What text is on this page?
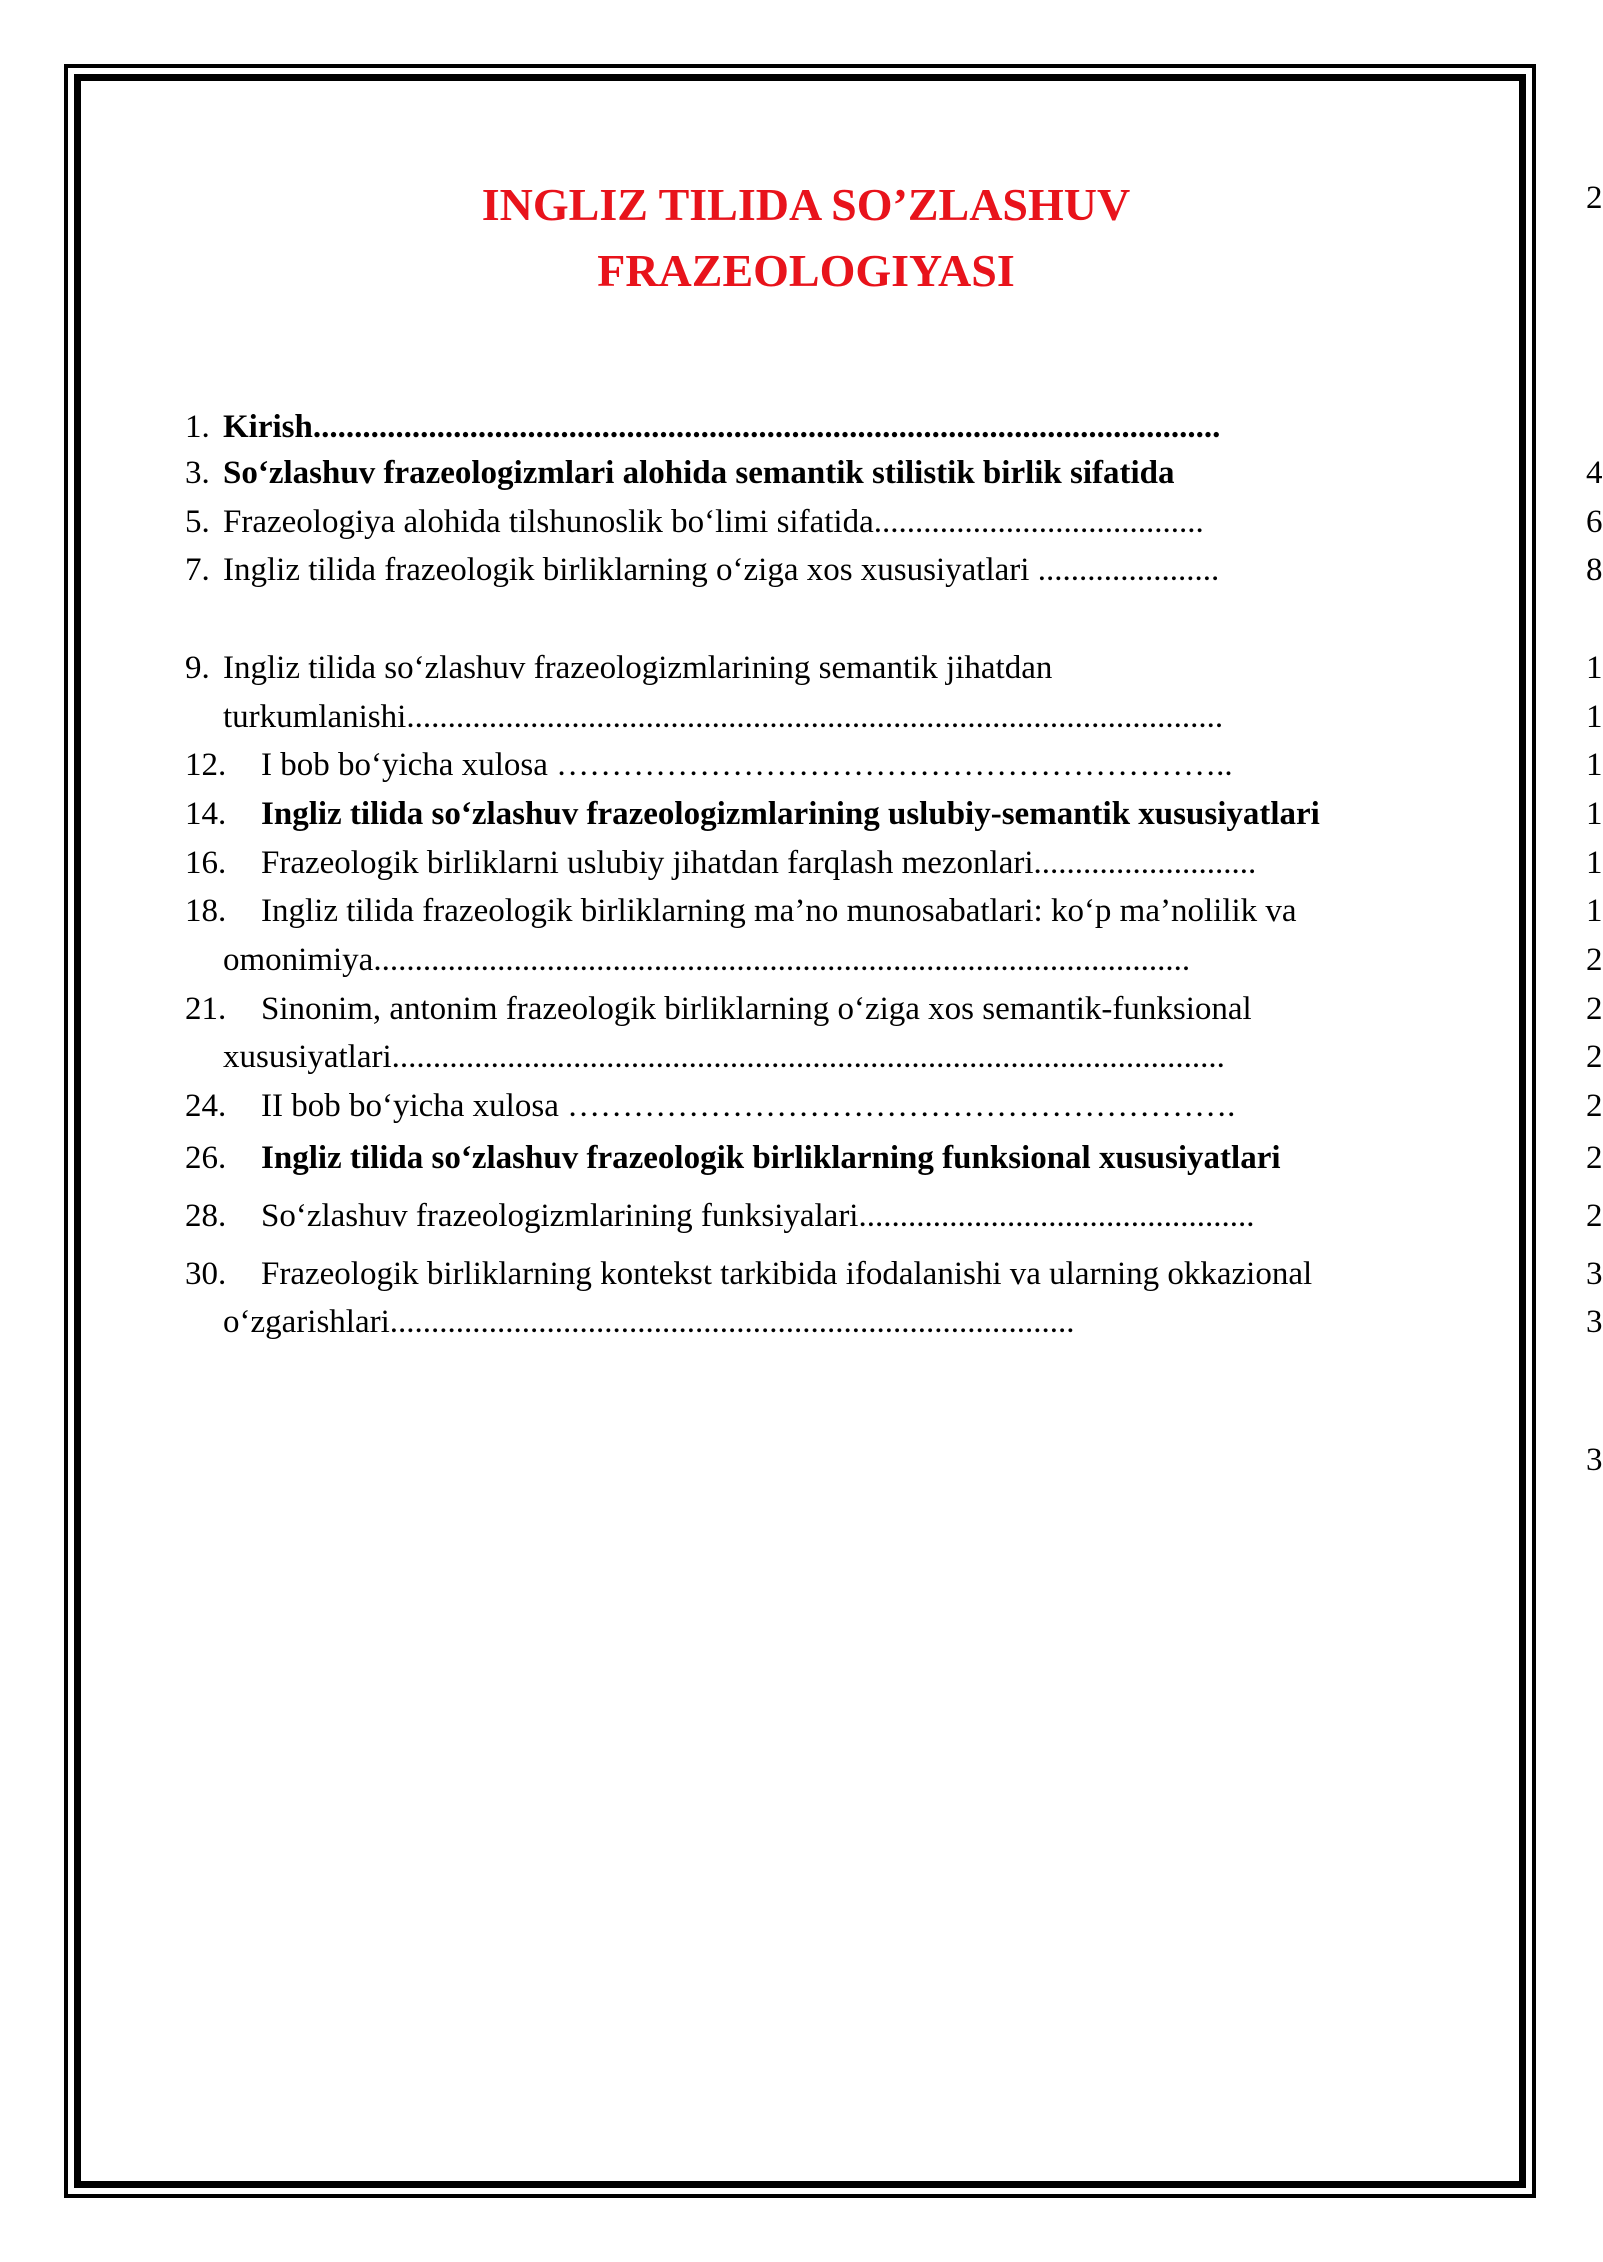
INGLIZ TILIDA SO’ZLASHUV
FRAZEOLOGIYASI
1. Kirish..............................................................................................................
3. So‘zlashuv frazeologizmlari alohida semantik stilistik birlik sifatida
5. Frazeologiya alohida tilshunoslik bo‘limi sifatida........................................
7. Ingliz tilida frazeologik birliklarning o‘ziga xos xususiyatlari ......................
9. Ingliz tilida so‘zlashuv frazeologizmlarining semantik jihatdan
turkumlanishi...................................................................................................
12. I bob bo‘yicha xulosa ……………………………………………………..
14. Ingliz tilida so‘zlashuv frazeologizmlarining uslubiy-semantik xususiyatlari
16. Frazeologik birliklarni uslubiy jihatdan farqlash mezonlari...........................
18. Ingliz tilida frazeologik birliklarning ma’no munosabatlari: ko‘p ma’nolilik va
omonimiya...................................................................................................
21. Sinonim, antonim frazeologik birliklarning o‘ziga xos semantik-funksional
xususiyatlari.....................................................................................................
24. II bob bo‘yicha xulosa …………………………………………………….
26. Ingliz tilida so‘zlashuv frazeologik birliklarning funksional xususiyatlari
28. So‘zlashuv frazeologizmlarining funksiyalari................................................
30. Frazeologik birliklarning kontekst tarkibida ifodalanishi va ularning okkazional
o‘zgarishlari...................................................................................
2
4
6
8
1
1
1
1
1
1
2
2
2
2
2
2
3
3
3
